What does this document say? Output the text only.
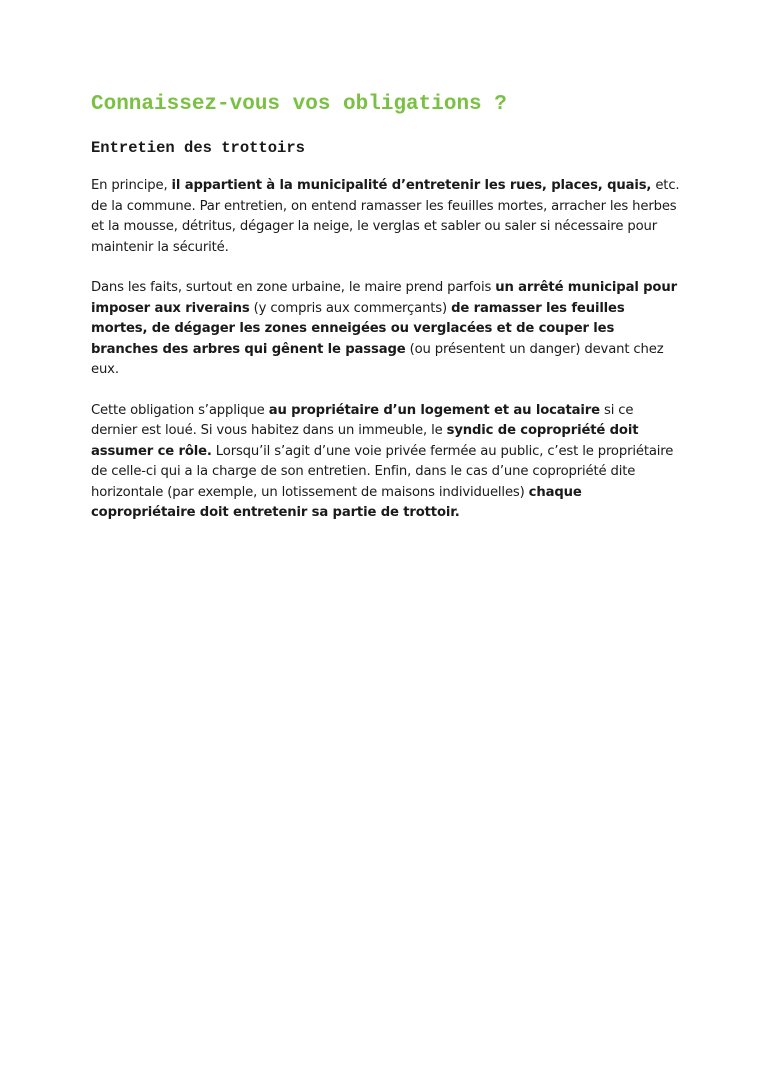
Connaissez-vous vos obligations ?
Entretien des trottoirs

En principe, il appartient à la municipalité d’entretenir les rues, places, quais, etc. de la commune. Par entretien, on entend ramasser les feuilles mortes, arracher les herbes et la mousse, détritus, dégager la neige, le verglas et sabler ou saler si nécessaire pour maintenir la sécurité.

Dans les faits, surtout en zone urbaine, le maire prend parfois un arrêté municipal pour imposer aux riverains (y compris aux commerçants) de ramasser les feuilles mortes, de dégager les zones enneigées ou verglacées et de couper les branches des arbres qui gênent le passage (ou présentent un danger) devant chez eux.

Cette obligation s’applique au propriétaire d’un logement et au locataire si ce dernier est loué. Si vous habitez dans un immeuble, le syndic de copropriété doit assumer ce rôle. Lorsqu’il s’agit d’une voie privée fermée au public, c’est le propriétaire de celle-ci qui a la charge de son entretien. Enfin, dans le cas d’une copropriété dite horizontale (par exemple, un lotissement de maisons individuelles) chaque copropriétaire doit entretenir sa partie de trottoir.
